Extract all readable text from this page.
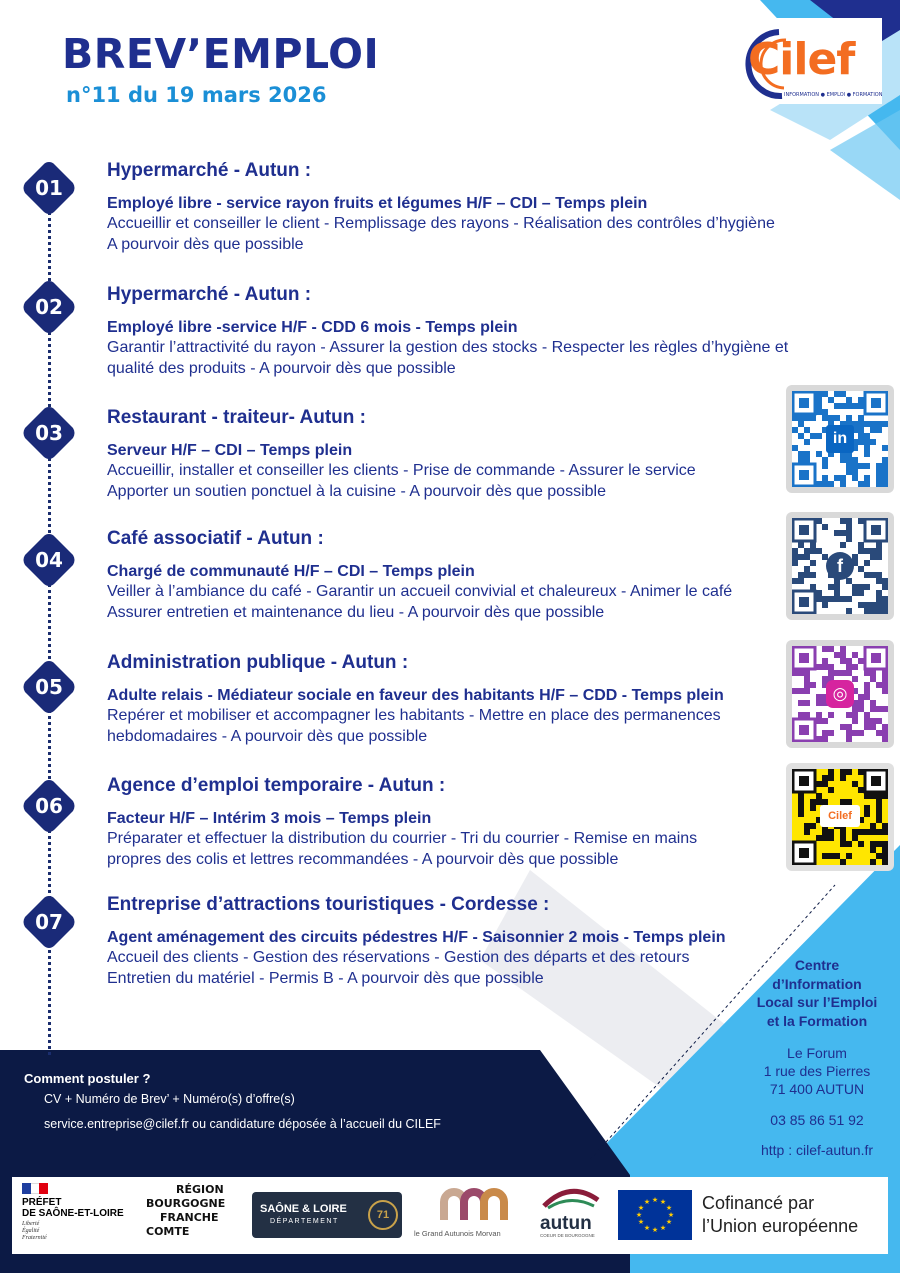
BREV’EMPLOI
n°11 du 19 mars 2026
Cilef
INFORMATION ● EMPLOI ● FORMATION
01
Hypermarché - Autun :
Employé libre - service rayon fruits et légumes H/F – CDI – Temps plein
Accueillir et conseiller le client - Remplissage des rayons - Réalisation des contrôles d’hygiène
A pourvoir dès que possible
02
Hypermarché - Autun :
Employé libre -service H/F - CDD 6 mois - Temps plein
Garantir l’attractivité du rayon - Assurer la gestion des stocks - Respecter les règles d’hygiène et
qualité des produits - A pourvoir dès que possible
03
Restaurant - traiteur- Autun :
Serveur H/F – CDI – Temps plein
Accueillir, installer et conseiller les clients - Prise de commande - Assurer le service
Apporter un soutien ponctuel à la cuisine - A pourvoir dès que possible
04
Café associatif - Autun :
Chargé de communauté H/F – CDI – Temps plein
Veiller à l’ambiance du café - Garantir un accueil convivial et chaleureux - Animer le café
Assurer entretien et maintenance du lieu - A pourvoir dès que possible
05
Administration publique - Autun :
Adulte relais - Médiateur sociale en faveur des habitants H/F – CDD - Temps plein
Repérer et mobiliser et accompagner les habitants - Mettre en place des permanences
hebdomadaires - A pourvoir dès que possible
06
Agence d’emploi temporaire - Autun :
Facteur H/F – Intérim 3 mois – Temps plein
Préparater et effectuer la distribution du courrier - Tri du courrier - Remise en mains
propres des colis et lettres recommandées - A pourvoir dès que possible
07
Entreprise d’attractions touristiques - Cordesse :
Agent aménagement des circuits pédestres H/F - Saisonnier 2 mois - Temps plein
Accueil des clients - Gestion des réservations - Gestion des départs et des retours
Entretien du matériel - Permis B - A pourvoir dès que possible
in
f
◎
Cilef
Centre
d’Information
Local sur l’Emploi
et la Formation
Le Forum
1 rue des Pierres
71 400 AUTUN
03 85 86 51 92
http : cilef-autun.fr
Comment postuler ?
CV + Numéro de Brev’ + Numéro(s) d’offre(s)
service.entreprise@cilef.fr ou candidature déposée à l’accueil du CILEF
PRÉFET
DE SAÔNE-ET-LOIRE
Liberté
Égalité
Fraternité
RÉGION
BOURGOGNE
FRANCHE
COMTE
SAÔNE & LOIRE
DÉPARTEMENT
71
le Grand Autunois Morvan	autun
COEUR DE BOURGOGNE
★ ★
★
★
★
★
★
★
★
★
★
★	Cofinancé par
l’Union européenne
